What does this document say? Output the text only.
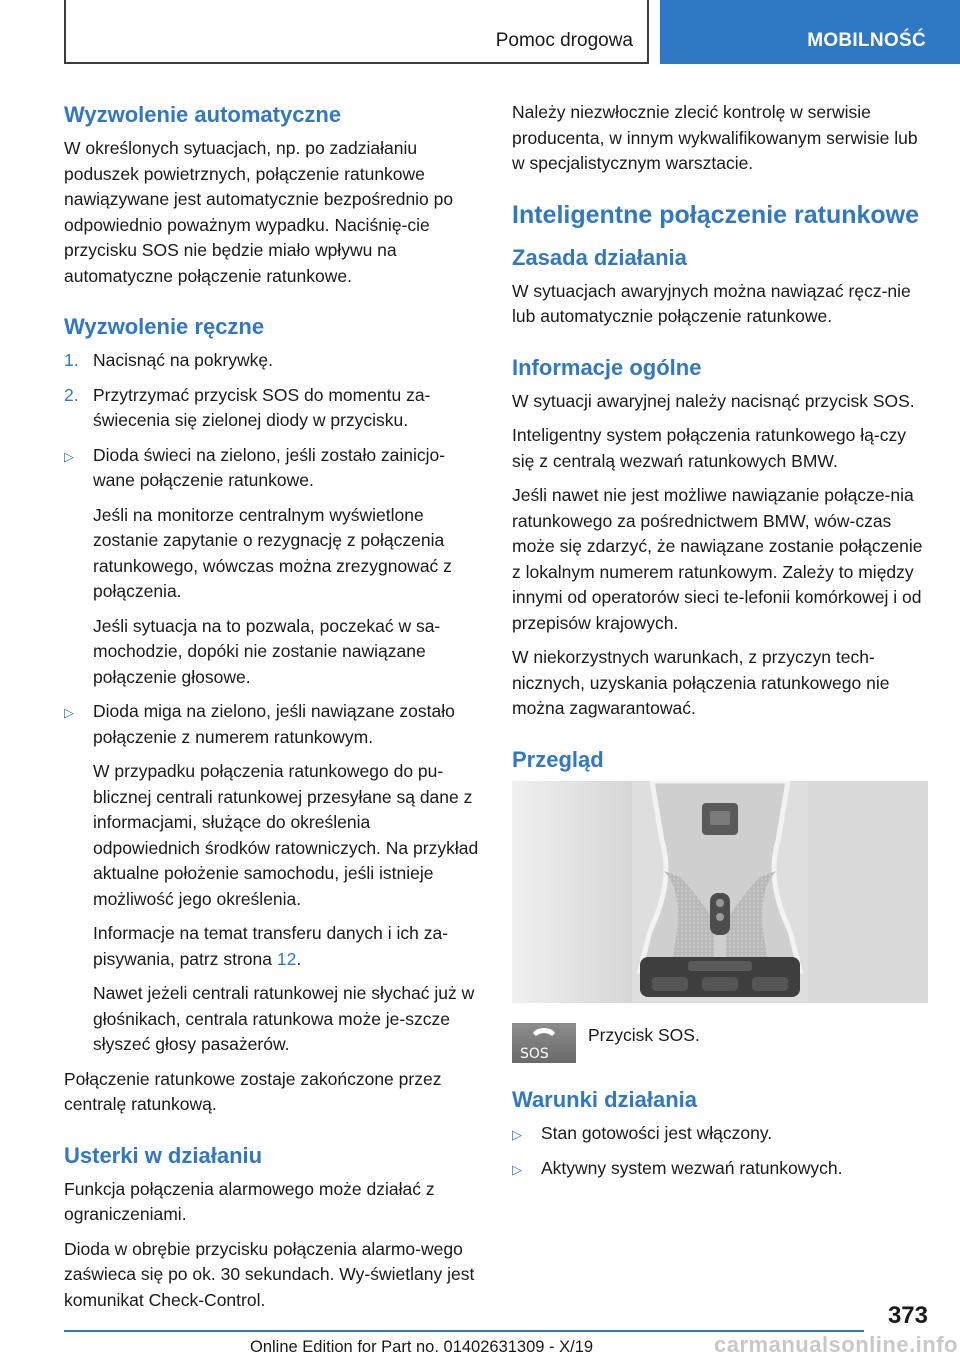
Pomoc drogowa	MOBILNOŚĆ
Wyzwolenie automatyczne

W określonych sytuacjach, np. po zadziałaniu poduszek powietrznych, połączenie ratunkowe nawiązywane jest automatycznie bezpośrednio po odpowiednio poważnym wypadku. Naciśnię-cie przycisku SOS nie będzie miało wpływu na automatyczne połączenie ratunkowe.

Wyzwolenie ręczne
1. Nacisnąć na pokrywkę.
2. Przytrzymać przycisk SOS do momentu za-świecenia się zielonej diody w przycisku.
▷	Dioda świeci na zielono, jeśli zostało zainicjo-wane połączenie ratunkowe.

Jeśli na monitorze centralnym wyświetlone zostanie zapytanie o rezygnację z połączenia ratunkowego, wówczas można zrezygnować z połączenia.

Jeśli sytuacja na to pozwala, poczekać w sa-mochodzie, dopóki nie zostanie nawiązane połączenie głosowe.

▷	Dioda miga na zielono, jeśli nawiązane zostało połączenie z numerem ratunkowym.

W przypadku połączenia ratunkowego do pu-blicznej centrali ratunkowej przesyłane są dane z informacjami, służące do określenia odpowiednich środków ratowniczych. Na przykład aktualne położenie samochodu, jeśli istnieje możliwość jego określenia.

Informacje na temat transferu danych i ich za-pisywania, patrz strona 12.

Nawet jeżeli centrali ratunkowej nie słychać już w głośnikach, centrala ratunkowa może je-szcze słyszeć głosy pasażerów.

Połączenie ratunkowe zostaje zakończone przez centralę ratunkową.

Usterki w działaniu

Funkcja połączenia alarmowego może działać z ograniczeniami.

Dioda w obrębie przycisku połączenia alarmo-wego zaświeca się po ok. 30 sekundach. Wy-świetlany jest komunikat Check-Control.

Należy niezwłocznie zlecić kontrolę w serwisie producenta, w innym wykwalifikowanym serwisie lub w specjalistycznym warsztacie.

Inteligentne połączenie ratunkowe
Zasada działania

W sytuacjach awaryjnych można nawiązać ręcz-nie lub automatycznie połączenie ratunkowe.

Informacje ogólne

W sytuacji awaryjnej należy nacisnąć przycisk SOS.

Inteligentny system połączenia ratunkowego łą-czy się z centralą wezwań ratunkowych BMW.

Jeśli nawet nie jest możliwe nawiązanie połącze-nia ratunkowego za pośrednictwem BMW, wów-czas może się zdarzyć, że nawiązane zostanie połączenie z lokalnym numerem ratunkowym. Zależy to między innymi od operatorów sieci te-lefonii komórkowej i od przepisów krajowych.

W niekorzystnych warunkach, z przyczyn tech-nicznych, uzyskania połączenia ratunkowego nie można zagwarantować.

Przegląd
SOS
Przycisk SOS.
Warunki działania
▷	Stan gotowości jest włączony.
▷	Aktywny system wezwań ratunkowych.
373
Online Edition for Part no. 01402631309 - X/19	carmanualsonline.info
